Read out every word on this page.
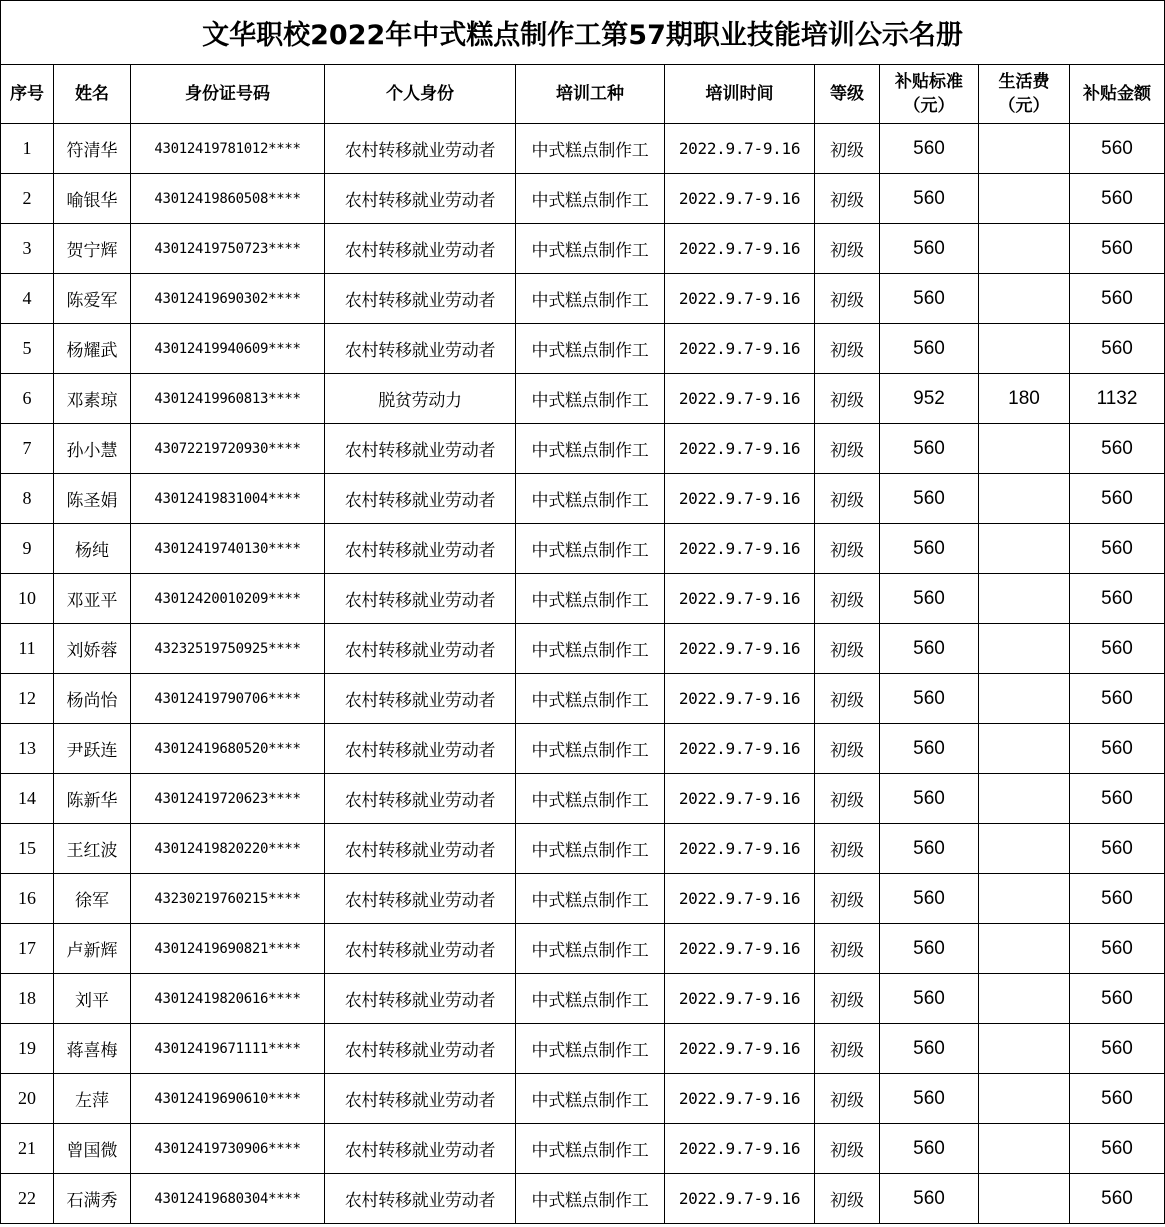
文华职校2022年中式糕点制作工第57期职业技能培训公示名册									
序号	姓名	身份证号码	个人身份	培训工种	培训时间	等级	补贴标准（元）	生活费（元）	补贴金额
1	符清华	43012419781012****	农村转移就业劳动者	中式糕点制作工	2022.9.7-9.16	初级	560		560
2	喻银华	43012419860508****	农村转移就业劳动者	中式糕点制作工	2022.9.7-9.16	初级	560		560
3	贺宁辉	43012419750723****	农村转移就业劳动者	中式糕点制作工	2022.9.7-9.16	初级	560		560
4	陈爱军	43012419690302****	农村转移就业劳动者	中式糕点制作工	2022.9.7-9.16	初级	560		560
5	杨耀武	43012419940609****	农村转移就业劳动者	中式糕点制作工	2022.9.7-9.16	初级	560		560
6	邓素琼	43012419960813****	脱贫劳动力	中式糕点制作工	2022.9.7-9.16	初级	952	180	1132
7	孙小慧	43072219720930****	农村转移就业劳动者	中式糕点制作工	2022.9.7-9.16	初级	560		560
8	陈圣娟	43012419831004****	农村转移就业劳动者	中式糕点制作工	2022.9.7-9.16	初级	560		560
9	杨纯	43012419740130****	农村转移就业劳动者	中式糕点制作工	2022.9.7-9.16	初级	560		560
10	邓亚平	43012420010209****	农村转移就业劳动者	中式糕点制作工	2022.9.7-9.16	初级	560		560
11	刘娇蓉	43232519750925****	农村转移就业劳动者	中式糕点制作工	2022.9.7-9.16	初级	560		560
12	杨尚怡	43012419790706****	农村转移就业劳动者	中式糕点制作工	2022.9.7-9.16	初级	560		560
13	尹跃连	43012419680520****	农村转移就业劳动者	中式糕点制作工	2022.9.7-9.16	初级	560		560
14	陈新华	43012419720623****	农村转移就业劳动者	中式糕点制作工	2022.9.7-9.16	初级	560		560
15	王红波	43012419820220****	农村转移就业劳动者	中式糕点制作工	2022.9.7-9.16	初级	560		560
16	徐军	43230219760215****	农村转移就业劳动者	中式糕点制作工	2022.9.7-9.16	初级	560		560
17	卢新辉	43012419690821****	农村转移就业劳动者	中式糕点制作工	2022.9.7-9.16	初级	560		560
18	刘平	43012419820616****	农村转移就业劳动者	中式糕点制作工	2022.9.7-9.16	初级	560		560
19	蒋喜梅	43012419671111****	农村转移就业劳动者	中式糕点制作工	2022.9.7-9.16	初级	560		560
20	左萍	43012419690610****	农村转移就业劳动者	中式糕点制作工	2022.9.7-9.16	初级	560		560
21	曾国微	43012419730906****	农村转移就业劳动者	中式糕点制作工	2022.9.7-9.16	初级	560		560
22	石满秀	43012419680304****	农村转移就业劳动者	中式糕点制作工	2022.9.7-9.16	初级	560		560
